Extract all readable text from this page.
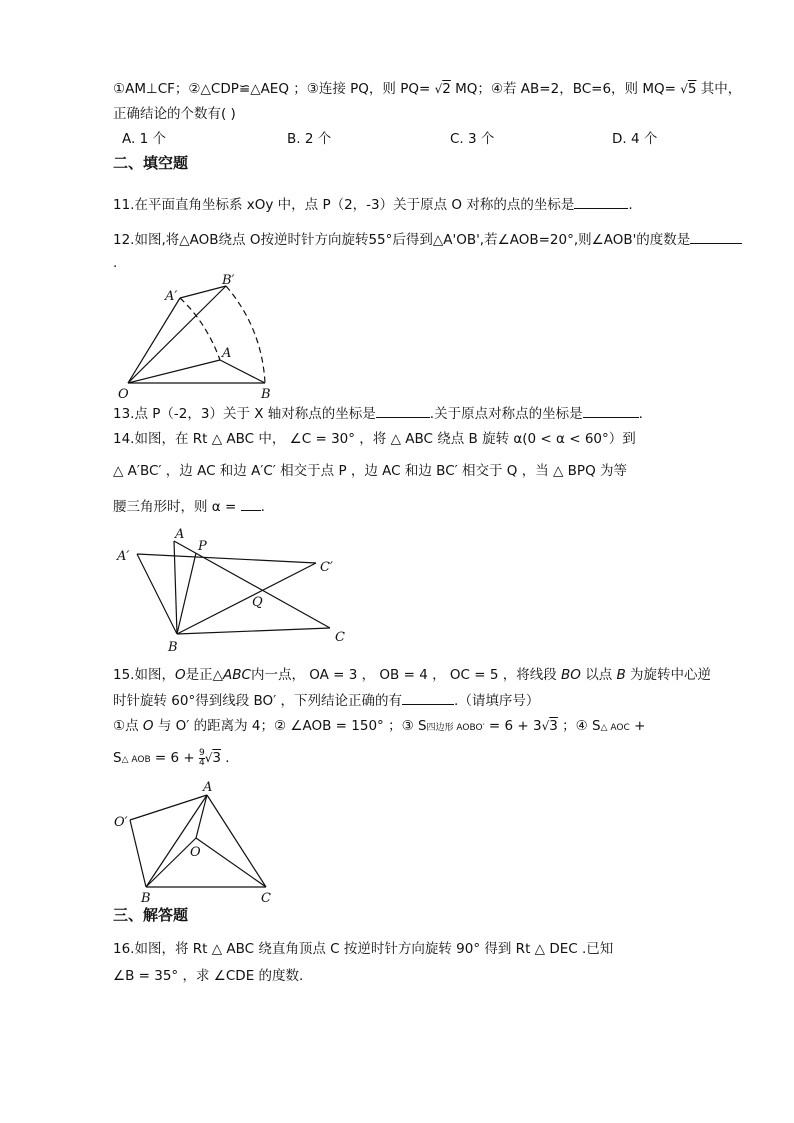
①AM⊥CF；②△CDP≌△AEQ ；③连接 PQ，则 PQ= √2 MQ；④若 AB=2，BC=6，则 MQ= √5 其中，
正确结论的个数有( )
A. 1 个	B. 2 个	C. 3 个	D. 4 个
二、填空题
11.在平面直角坐标系 xOy 中，点 P（2，-3）关于原点 O 对称的点的坐标是	.
12.如图,将△AOB绕点 O按逆时针方向旋转55°后得到△A'OB',若∠AOB=20°,则∠AOB'的度数是
.
A′
B′
A
O	B
A
P
A′
C′
Q
B
C
A
O′
O
B	C
13.点 P（-2，3）关于 X 轴对称点的坐标是	.关于原点对称点的坐标是	.
14.如图，在 Rt △ ABC 中， ∠C = 30° ，将 △ ABC 绕点 B 旋转 α(0 < α < 60°）到
△ A′BC′ ，边 AC 和边 A′C′ 相交于点 P ，边 AC 和边 BC′ 相交于 Q ，当 △ BPQ 为等
腰三角形时，则 α = .
15.如图，O是正△ABC内一点， OA = 3 ， OB = 4 ， OC = 5 ，将线段 BO 以点 B 为旋转中心逆
时针旋转 60°得到线段 BO′ ，下列结论正确的有	.（请填序号）
①点 O 与 O′ 的距离为 4；② ∠AOB = 150° ；③ S四边形 AOBO′ = 6 + 3√3 ；④ S△ AOC +
S△ AOB = $6 + \frac{9}{4} √3$ .
三、解答题
16.如图，将 Rt △ ABC 绕直角顶点 C 按逆时针方向旋转 90° 得到 Rt △ DEC .已知
∠B = 35° ，求 ∠CDE 的度数.
